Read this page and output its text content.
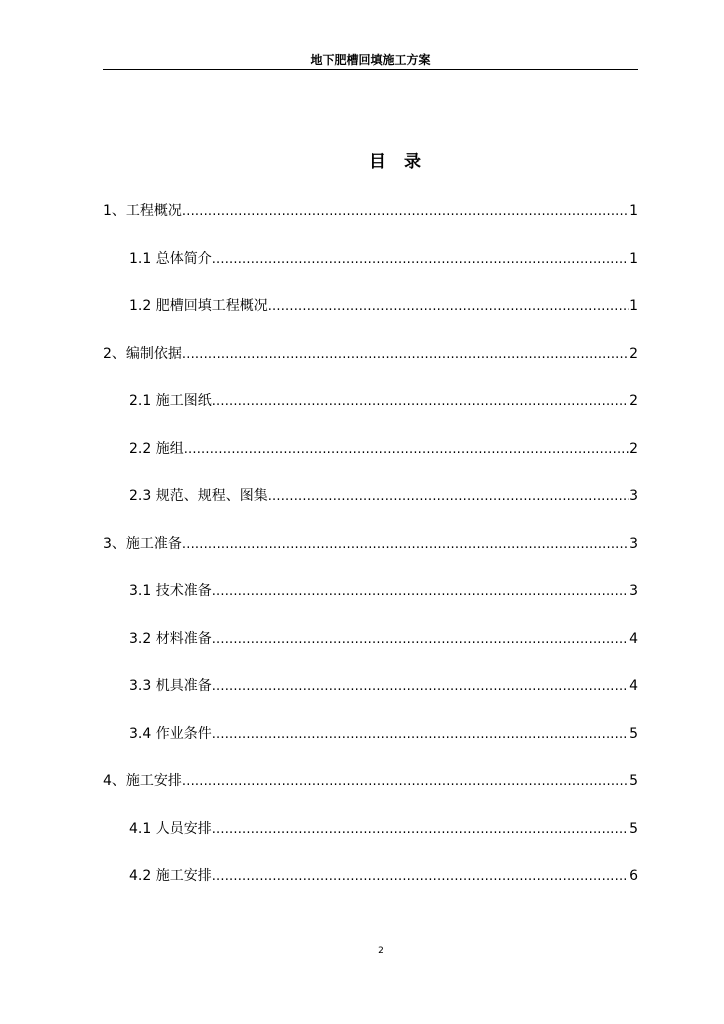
地下肥槽回填施工方案
目 录
1、工程概况 .....	1
1.1 总体简介 .....	1
1.2 肥槽回填工程概况 .....	1
2、编制依据 .....	2
2.1 施工图纸 .....	2
2.2 施组 .....	2
2.3 规范、规程、图集 .....	3
3、施工准备 .....	3
3.1 技术准备 .....	3
3.2 材料准备 .....	4
3.3 机具准备 .....	4
3.4 作业条件 .....	5
4、施工安排 .....	5
4.1 人员安排 .....	5
4.2 施工安排 .....	6
2
